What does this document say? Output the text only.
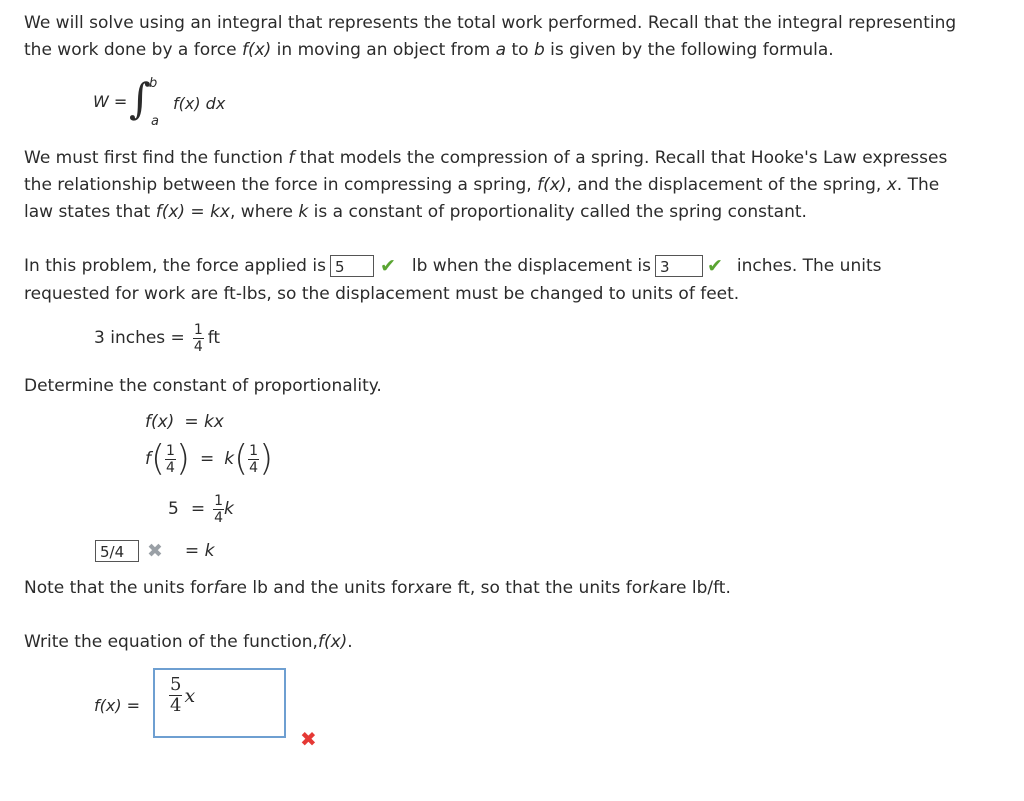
We will solve using an integral that represents the total work performed. Recall that the integral representing
the work done by a force f(x) in moving an object from a to b is given by the following formula.

W = ∫
b
a
f(x) dx

We must first find the function f that models the compression of a spring. Recall that Hooke's Law expresses
the relationship between the force in compressing a spring, f(x), and the displacement of the spring, x. The
law states that f(x) = kx, where k is a constant of proportionality called the spring constant.

In this problem, the force applied is 5	✔ lb when the displacement is 3	✔ inches. The units
requested for work are ft-lbs, so the displacement must be changed to units of feet.
3 inches = $\frac{1}{4}$ ft
Determine the constant of proportionality.
f(x) = kx
f ( $\frac{1}{4}$ ) = k ( $\frac{1}{4}$ )
$5 = \frac{1}{4}$ k
5/4	✖ = k
Note that the units for f are lb and the units for x are ft, so that the units for k are lb/ft.
Write the equation of the function, f(x) .
$f(x) = \frac{5}{4}$ x
✖
